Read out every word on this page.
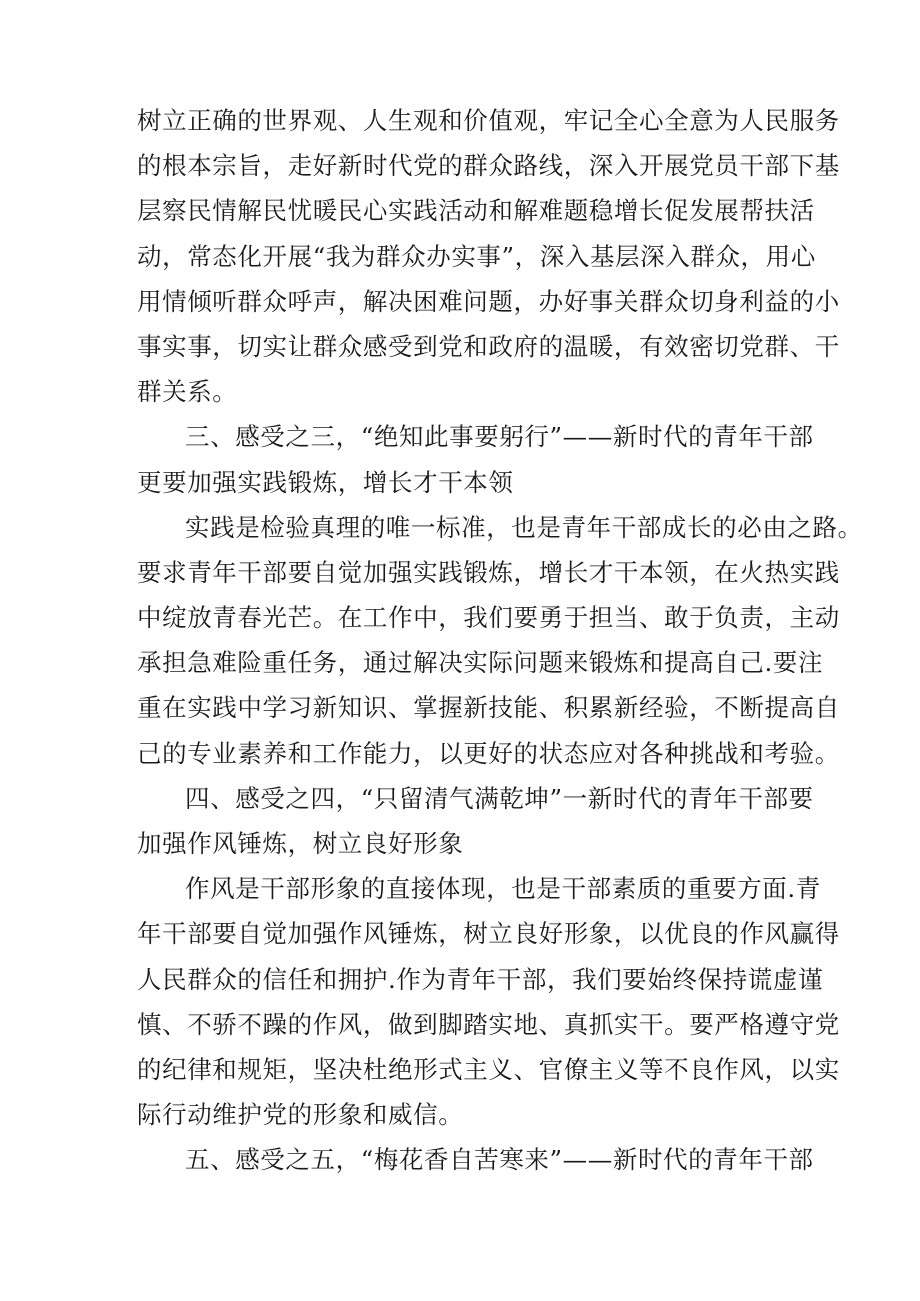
树立正确的世界观、人生观和价值观，牢记全心全意为人民服务
的根本宗旨，走好新时代党的群众路线，深入开展党员干部下基
层察民情解民忧暖民心实践活动和解难题稳增长促发展帮扶活
动，常态化开展“我为群众办实事”，深入基层深入群众，用心
用情倾听群众呼声，解决困难问题，办好事关群众切身利益的小
事实事，切实让群众感受到党和政府的温暖，有效密切党群、干
群关系。
三、感受之三，“绝知此事要躬行”——新时代的青年干部
更要加强实践锻炼，增长才干本领
实践是检验真理的唯一标准，也是青年干部成长的必由之路。
要求青年干部要自觉加强实践锻炼，增长才干本领，在火热实践
中绽放青春光芒。在工作中，我们要勇于担当、敢于负责，主动
承担急难险重任务，通过解决实际问题来锻炼和提高自己.要注
重在实践中学习新知识、掌握新技能、积累新经验，不断提高自
己的专业素养和工作能力，以更好的状态应对各种挑战和考验。
四、感受之四，“只留清气满乾坤”一新时代的青年干部要
加强作风锤炼，树立良好形象
作风是干部形象的直接体现，也是干部素质的重要方面.青
年干部要自觉加强作风锤炼，树立良好形象，以优良的作风赢得
人民群众的信任和拥护.作为青年干部，我们要始终保持谎虚谨
慎、不骄不躁的作风，做到脚踏实地、真抓实干。要严格遵守党
的纪律和规矩，坚决杜绝形式主义、官僚主义等不良作风，以实
际行动维护党的形象和威信。
五、感受之五，“梅花香自苦寒来”——新时代的青年干部
